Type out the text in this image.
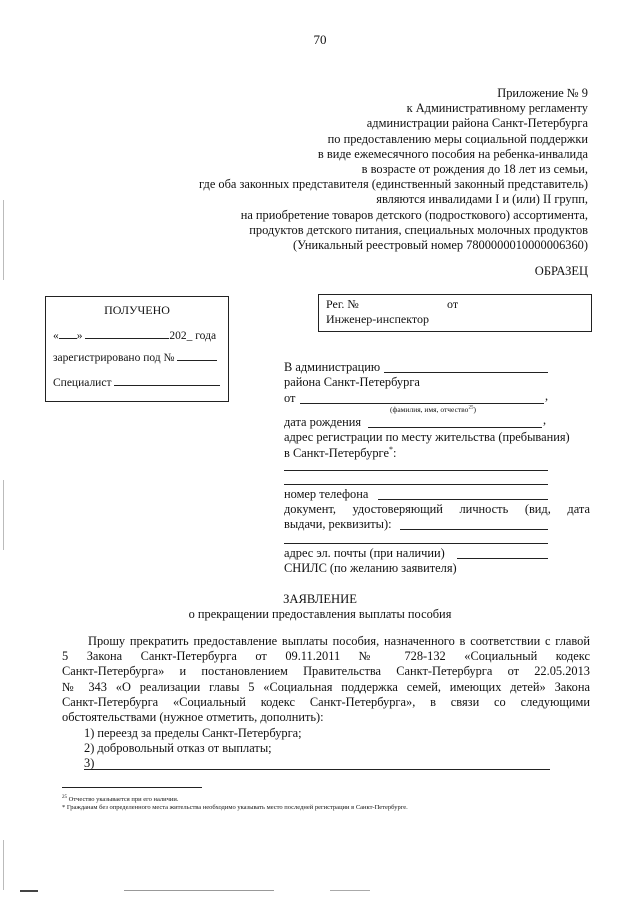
70
Приложение № 9
к Административному регламенту
администрации района Санкт-Петербурга
по предоставлению меры социальной поддержки
в виде ежемесячного пособия на ребенка-инвалида
в возрасте от рождения до 18 лет из семьи,
где оба законных представителя (единственный законный представитель)
являются инвалидами I и (или) II групп,
на приобретение товаров детского (подросткового) ассортимента,
продуктов детского питания, специальных молочных продуктов
(Уникальный реестровый номер 7800000010000006360)
ОБРАЗЕЦ
ПОЛУЧЕНО
« »	202_ года
зарегистрировано под №
Специалист
Рег. №	от
Инженер-инспектор
В администрацию
района Санкт-Петербурга
от	,
(фамилия, имя, отчество$^{25}$)
дата рождения	,
адрес регистрации по месту жительства (пребывания)
в Санкт-Петербурге*:
номер телефона
документ, удостоверяющий личность (вид, дата
выдачи, реквизиты):
адрес эл. почты (при наличии)
СНИЛС (по желанию заявителя)
ЗАЯВЛЕНИЕ
о прекращении предоставления выплаты пособия
Прошу прекратить предоставление выплаты пособия, назначенного в соответствии с главой
5 Закона Санкт-Петербурга от 09.11.2011 № 728-132 «Социальный кодекс
Санкт-Петербурга» и постановлением Правительства Санкт-Петербурга от 22.05.2013
№ 343 «О реализации главы 5 «Социальная поддержка семей, имеющих детей» Закона
Санкт-Петербурга «Социальный кодекс Санкт-Петербурга», в связи со следующими
обстоятельствами (нужное отметить, дополнить):
1) переезд за пределы Санкт-Петербурга;
2) добровольный отказ от выплаты;
3)
$^{25}$ Отчество указывается при его наличии.
* Гражданам без определенного места жительства необходимо указывать место последней регистрации в Санкт-Петербурге.
